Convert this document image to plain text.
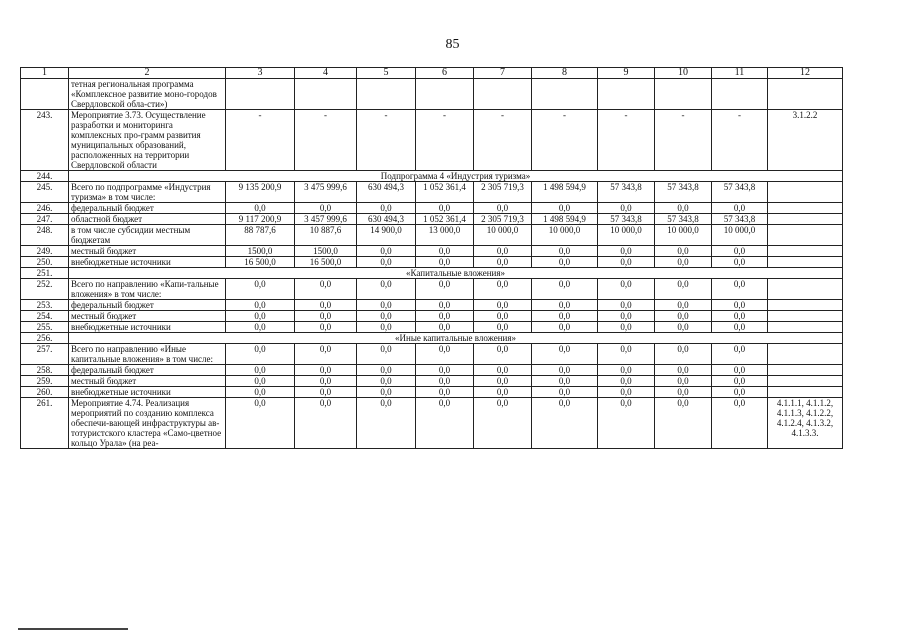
85
1	2	3	4	5	6	7	8	9	10	11	12
	тетная региональная программа «Комплексное развитие моно-городов Свердловской обла-сти»)										
243.	Мероприятие 3.73. Осуществление разработки и мониторинга комплексных про-грамм развития муниципальных образований, расположенных на территории Свердловской области	-	-	-	-	-	-	-	-	-	3.1.2.2
244.	Подпрограмма 4 «Индустрия туризма»										
245.	Всего по подпрограмме «Индустрия туризма» в том числе:	9 135 200,9	3 475 999,6	630 494,3	1 052 361,4	2 305 719,3	1 498 594,9	57 343,8	57 343,8	57 343,8	
246.	федеральный бюджет	0,0	0,0	0,0	0,0	0,0	0,0	0,0	0,0	0,0	
247.	областной бюджет	9 117 200,9	3 457 999,6	630 494,3	1 052 361,4	2 305 719,3	1 498 594,9	57 343,8	57 343,8	57 343,8	
248.	в том числе субсидии местным бюджетам	88 787,6	10 887,6	14 900,0	13 000,0	10 000,0	10 000,0	10 000,0	10 000,0	10 000,0	
249.	местный бюджет	1500,0	1500,0	0,0	0,0	0,0	0,0	0,0	0,0	0,0	
250.	внебюджетные источники	16 500,0	16 500,0	0,0	0,0	0,0	0,0	0,0	0,0	0,0	
251.	«Капитальные вложения»										
252.	Всего по направлению «Капи-тальные вложения» в том числе:	0,0	0,0	0,0	0,0	0,0	0,0	0,0	0,0	0,0	
253.	федеральный бюджет	0,0	0,0	0,0	0,0	0,0	0,0	0,0	0,0	0,0	
254.	местный бюджет	0,0	0,0	0,0	0,0	0,0	0,0	0,0	0,0	0,0	
255.	внебюджетные источники	0,0	0,0	0,0	0,0	0,0	0,0	0,0	0,0	0,0	
256.	«Иные капитальные вложения»										
257.	Всего по направлению «Иные капитальные вложения» в том числе:	0,0	0,0	0,0	0,0	0,0	0,0	0,0	0,0	0,0	
258.	федеральный бюджет	0,0	0,0	0,0	0,0	0,0	0,0	0,0	0,0	0,0	
259.	местный бюджет	0,0	0,0	0,0	0,0	0,0	0,0	0,0	0,0	0,0	
260.	внебюджетные источники	0,0	0,0	0,0	0,0	0,0	0,0	0,0	0,0	0,0	
261.	Мероприятие 4.74. Реализация мероприятий по созданию комплекса обеспечи-вающей инфраструктуры ав-тотуристского кластера «Само-цветное кольцо Урала» (на реа-	0,0	0,0	0,0	0,0	0,0	0,0	0,0	0,0	0,0	4.1.1.1, 4.1.1.2, 4.1.1.3, 4.1.2.2, 4.1.2.4, 4.1.3.2, 4.1.3.3.
